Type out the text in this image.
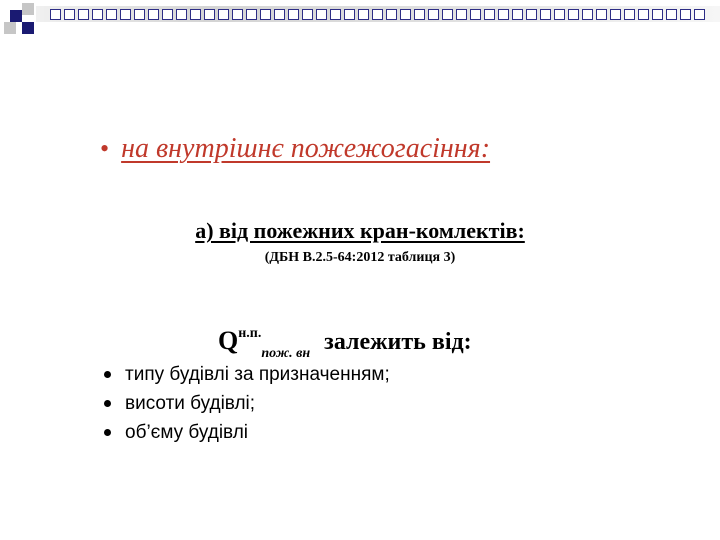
• на внутрішнє пожежогасіння:
а) від пожежних кран-комлектів:
(ДБН В.2.5-64:2012 таблиця 3)
$Q^{н.п.}_{пож. вн}$ залежить від:
типу будівлі за призначенням;
висоти будівлі;
об’єму будівлі
